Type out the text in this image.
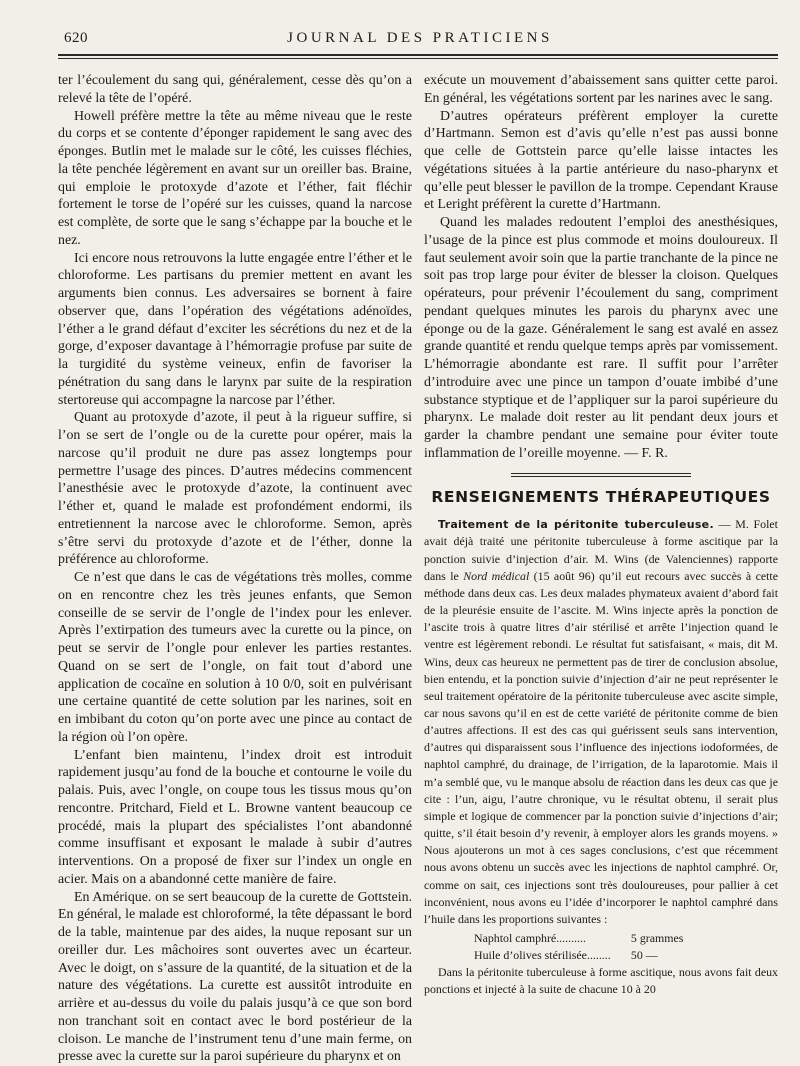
620	JOURNAL DES PRATICIENS

ter l’écoulement du sang qui, généralement, cesse dès qu’on a relevé la tête de l’opéré.

Howell préfère mettre la tête au même niveau que le reste du corps et se contente d’éponger rapidement le sang avec des éponges. Butlin met le malade sur le côté, les cuisses fléchies, la tête penchée légèrement en avant sur un oreiller bas. Braine, qui emploie le protoxyde d’azote et l’éther, fait fléchir fortement le torse de l’opéré sur les cuisses, quand la narcose est complète, de sorte que le sang s’échappe par la bouche et le nez.

Ici encore nous retrouvons la lutte engagée entre l’éther et le chloroforme. Les partisans du premier mettent en avant les arguments bien connus. Les adversaires se bornent à faire observer que, dans l’opération des végétations adénoïdes, l’éther a le grand défaut d’exciter les sécrétions du nez et de la gorge, d’exposer davantage à l’hémorragie profuse par suite de la turgidité du système veineux, enfin de favoriser la pénétration du sang dans le larynx par suite de la respiration stertoreuse qui accompagne la narcose par l’éther.

Quant au protoxyde d’azote, il peut à la rigueur suffire, si l’on se sert de l’ongle ou de la curette pour opérer, mais la narcose qu’il produit ne dure pas assez longtemps pour permettre l’usage des pinces. D’autres médecins commencent l’anesthésie avec le protoxyde d’azote, la continuent avec l’éther et, quand le malade est profondément endormi, ils entretiennent la narcose avec le chloroforme. Semon, après s’être servi du protoxyde d’azote et de l’éther, donne la préférence au chloroforme.

Ce n’est que dans le cas de végétations très molles, comme on en rencontre chez les très jeunes enfants, que Semon conseille de se servir de l’ongle de l’index pour les enlever. Après l’extirpation des tumeurs avec la curette ou la pince, on peut se servir de l’ongle pour enlever les parties restantes. Quand on se sert de l’ongle, on fait tout d’abord une application de cocaïne en solution à 10 0/0, soit en pulvérisant une certaine quantité de cette solution par les narines, soit en en imbibant du coton qu’on porte avec une pince au contact de la région où l’on opère.

L’enfant bien maintenu, l’index droit est introduit rapidement jusqu’au fond de la bouche et contourne le voile du palais. Puis, avec l’ongle, on coupe tous les tissus mous qu’on rencontre. Pritchard, Field et L. Browne vantent beaucoup ce procédé, mais la plupart des spécialistes l’ont abandonné comme insuffisant et exposant le malade à subir d’autres interventions. On a proposé de fixer sur l’index un ongle en acier. Mais on a abandonné cette manière de faire.

En Amérique. on se sert beaucoup de la curette de Gottstein. En général, le malade est chloroformé, la tête dépassant le bord de la table, maintenue par des aides, la nuque reposant sur un oreiller dur. Les mâchoires sont ouvertes avec un écarteur. Avec le doigt, on s’assure de la quantité, de la situation et de la nature des végétations. La curette est aussitôt introduite en arrière et au-dessus du voile du palais jusqu’à ce que son bord non tranchant soit en contact avec le bord postérieur de la cloison. Le manche de l’instrument tenu d’une main ferme, on presse avec la curette sur la paroi supérieure du pharynx et on

exécute un mouvement d’abaissement sans quitter cette paroi. En général, les végétations sortent par les narines avec le sang.

D’autres opérateurs préfèrent employer la curette d’Hartmann. Semon est d’avis qu’elle n’est pas aussi bonne que celle de Gottstein parce qu’elle laisse intactes les végétations situées à la partie antérieure du naso-pharynx et qu’elle peut blesser le pavillon de la trompe. Cependant Krause et Leright préfèrent la curette d’Hartmann.

Quand les malades redoutent l’emploi des anesthésiques, l’usage de la pince est plus commode et moins douloureux. Il faut seulement avoir soin que la partie tranchante de la pince ne soit pas trop large pour éviter de blesser la cloison. Quelques opérateurs, pour prévenir l’écoulement du sang, compriment pendant quelques minutes les parois du pharynx avec une éponge ou de la gaze. Généralement le sang est avalé en assez grande quantité et rendu quelque temps après par vomissement. L’hémorragie abondante est rare. Il suffit pour l’arrêter d’introduire avec une pince un tampon d’ouate imbibé d’une substance styptique et de l’appliquer sur la paroi supérieure du pharynx. Le malade doit rester au lit pendant deux jours et garder la chambre pendant une semaine pour éviter toute inflammation de l’oreille moyenne. — F. R.

RENSEIGNEMENTS THÉRAPEUTIQUES

Traitement de la péritonite tuberculeuse. — M. Folet avait déjà traité une péritonite tuberculeuse à forme ascitique par la ponction suivie d’injection d’air. M. Wins (de Valenciennes) rapporte dans le Nord médical (15 août 96) qu’il eut recours avec succès à cette méthode dans deux cas. Les deux malades phymateux avaient d’abord fait de la pleurésie ensuite de l’ascite. M. Wins injecte après la ponction de l’ascite trois à quatre litres d’air stérilisé et arrête l’injection quand le ventre est légèrement rebondi. Le résultat fut satisfaisant, « mais, dit M. Wins, deux cas heureux ne permettent pas de tirer de conclusion absolue, bien entendu, et la ponction suivie d’injection d’air ne peut représenter le seul traitement opératoire de la péritonite tuberculeuse avec ascite simple, car nous savons qu’il en est de cette variété de péritonite comme de bien d’autres affections. Il est des cas qui guérissent seuls sans intervention, d’autres qui disparaissent sous l’influence des injections iodoformées, de naphtol camphré, du drainage, de l’irrigation, de la laparotomie. Mais il m’a semblé que, vu le manque absolu de réaction dans les deux cas que je cite : l’un, aigu, l’autre chronique, vu le résultat obtenu, il serait plus simple et logique de commencer par la ponction suivie d’injections d’air; quitte, s’il était besoin d’y revenir, à employer alors les grands moyens. » Nous ajouterons un mot à ces sages conclusions, c’est que récemment nous avons obtenu un succès avec les injections de naphtol camphré. Or, comme on sait, ces injections sont très douloureuses, pour pallier à cet inconvénient, nous avons eu l’idée d’incorporer le naphtol camphré dans l’huile dans les proportions suivantes :

Naphtol camphré..........	5 grammes
Huile d’olives stérilisée........	50 —

Dans la péritonite tuberculeuse à forme ascitique, nous avons fait deux ponctions et injecté à la suite de chacune 10 à 20
